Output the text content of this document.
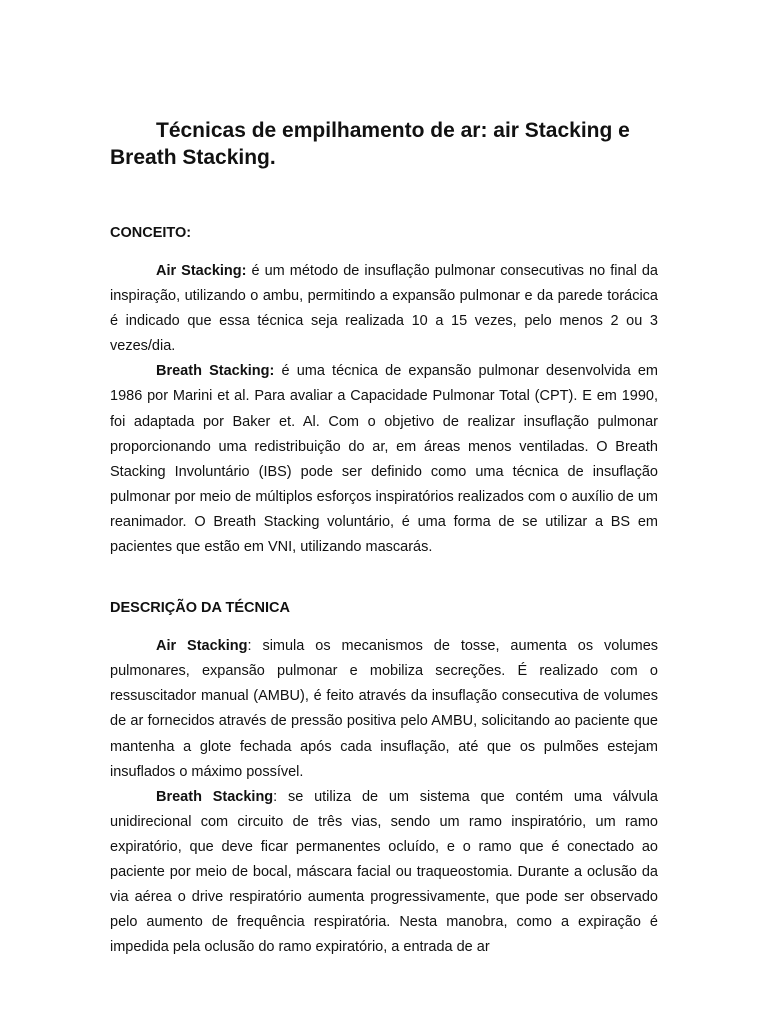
Técnicas de empilhamento de ar: air Stacking e Breath Stacking.
CONCEITO:

Air Stacking: é um método de insuflação pulmonar consecutivas no final da inspiração, utilizando o ambu, permitindo a expansão pulmonar e da parede torácica é indicado que essa técnica seja realizada 10 a 15 vezes, pelo menos 2 ou 3 vezes/dia.

Breath Stacking: é uma técnica de expansão pulmonar desenvolvida em 1986 por Marini et al. Para avaliar a Capacidade Pulmonar Total (CPT). E em 1990, foi adaptada por Baker et. Al. Com o objetivo de realizar insuflação pulmonar proporcionando uma redistribuição do ar, em áreas menos ventiladas. O Breath Stacking Involuntário (IBS) pode ser definido como uma técnica de insuflação pulmonar por meio de múltiplos esforços inspiratórios realizados com o auxílio de um reanimador. O Breath Stacking voluntário, é uma forma de se utilizar a BS em pacientes que estão em VNI, utilizando mascarás.

DESCRIÇÃO DA TÉCNICA

Air Stacking: simula os mecanismos de tosse, aumenta os volumes pulmonares, expansão pulmonar e mobiliza secreções. É realizado com o ressuscitador manual (AMBU), é feito através da insuflação consecutiva de volumes de ar fornecidos através de pressão positiva pelo AMBU, solicitando ao paciente que mantenha a glote fechada após cada insuflação, até que os pulmões estejam insuflados o máximo possível.

Breath Stacking: se utiliza de um sistema que contém uma válvula unidirecional com circuito de três vias, sendo um ramo inspiratório, um ramo expiratório, que deve ficar permanentes ocluído, e o ramo que é conectado ao paciente por meio de bocal, máscara facial ou traqueostomia. Durante a oclusão da via aérea o drive respiratório aumenta progressivamente, que pode ser observado pelo aumento de frequência respiratória. Nesta manobra, como a expiração é impedida pela oclusão do ramo expiratório, a entrada de ar
